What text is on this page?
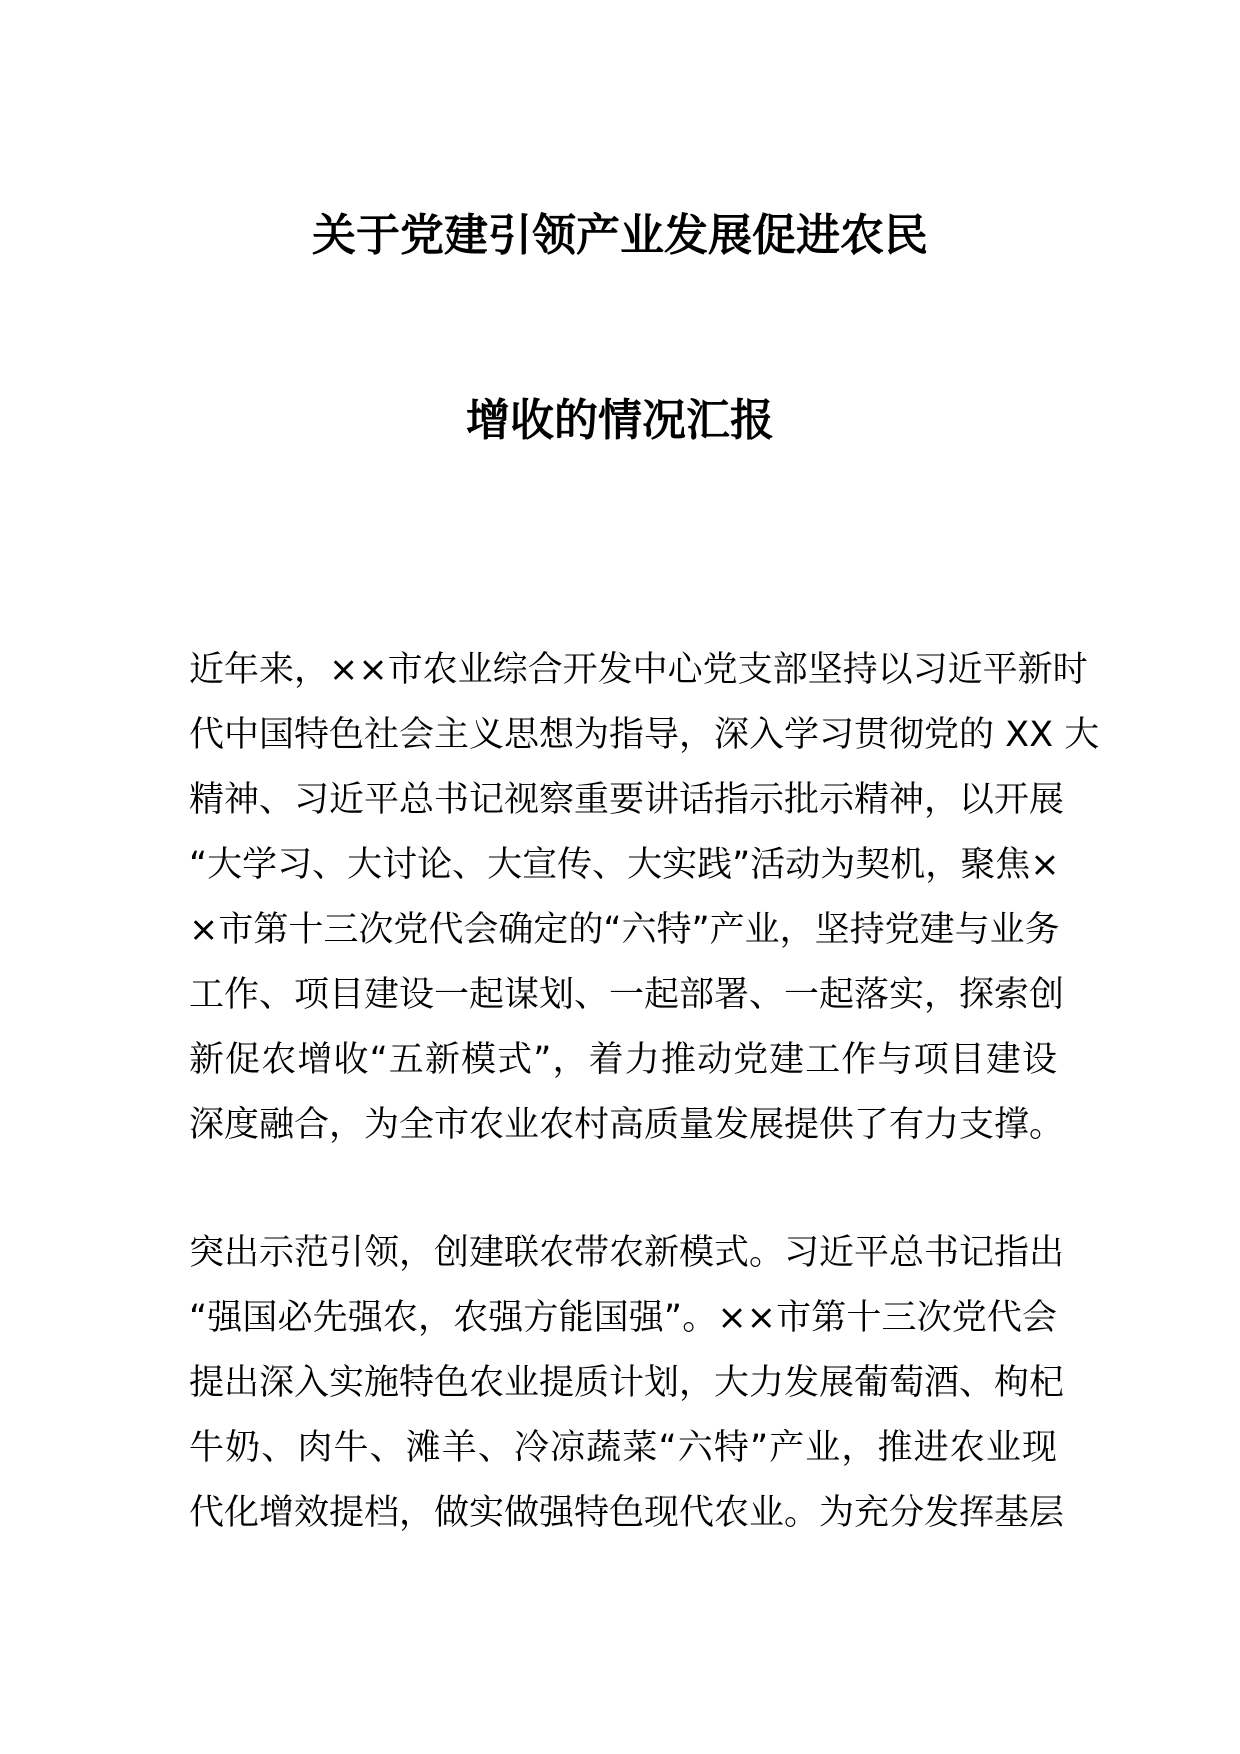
关于党建引领产业发展促进农民
增收的情况汇报
近年来，××市农业综合开发中心党支部坚持以习近平新时
代中国特色社会主义思想为指导，深入学习贯彻党的 XX 大
精神、习近平总书记视察重要讲话指示批示精神，以开展
“大学习、大讨论、大宣传、大实践”活动为契机，聚焦×
×市第十三次党代会确定的“六特”产业，坚持党建与业务
工作、项目建设一起谋划、一起部署、一起落实，探索创
新促农增收“五新模式”，着力推动党建工作与项目建设
深度融合，为全市农业农村高质量发展提供了有力支撑。
突出示范引领，创建联农带农新模式。习近平总书记指出
“强国必先强农，农强方能国强”。××市第十三次党代会
提出深入实施特色农业提质计划，大力发展葡萄酒、枸杞
牛奶、肉牛、滩羊、冷凉蔬菜“六特”产业，推进农业现
代化增效提档，做实做强特色现代农业。为充分发挥基层
